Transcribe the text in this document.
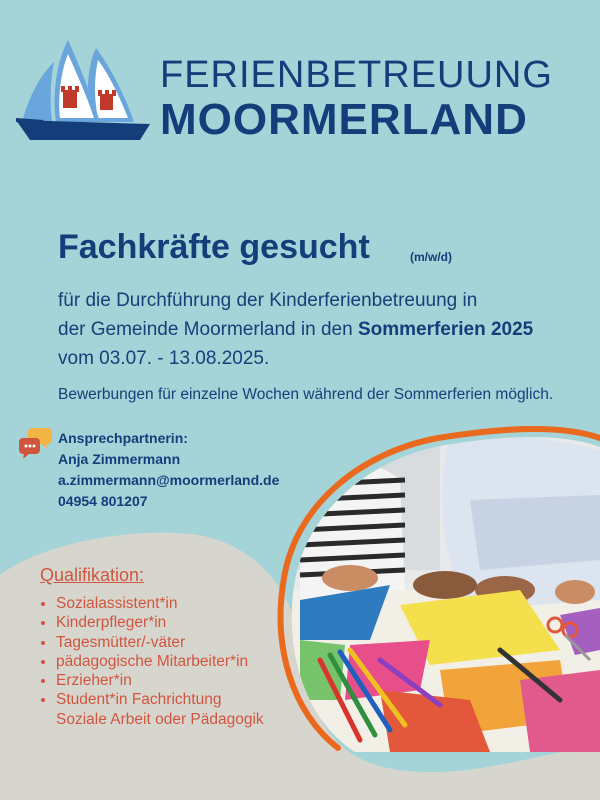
FERIENBETREUUNG
MOORMERLAND
Fachkräfte gesucht	(m/w/d)
für die Durchführung der Kinderferienbetreuung in
der Gemeinde Moormerland in den Sommerferien 2025
vom 03.07. - 13.08.2025.
Bewerbungen für einzelne Wochen während der Sommerferien möglich.
Ansprechpartnerin:
Anja Zimmermann
a.zimmermann@moormerland.de
04954 801207
Qualifikation:
• Sozialassistent*in
• Kinderpfleger*in
• Tagesmütter/-väter
• pädagogische Mitarbeiter*in
• Erzieher*in
• Student*in Fachrichtung
Soziale Arbeit oder Pädagogik
